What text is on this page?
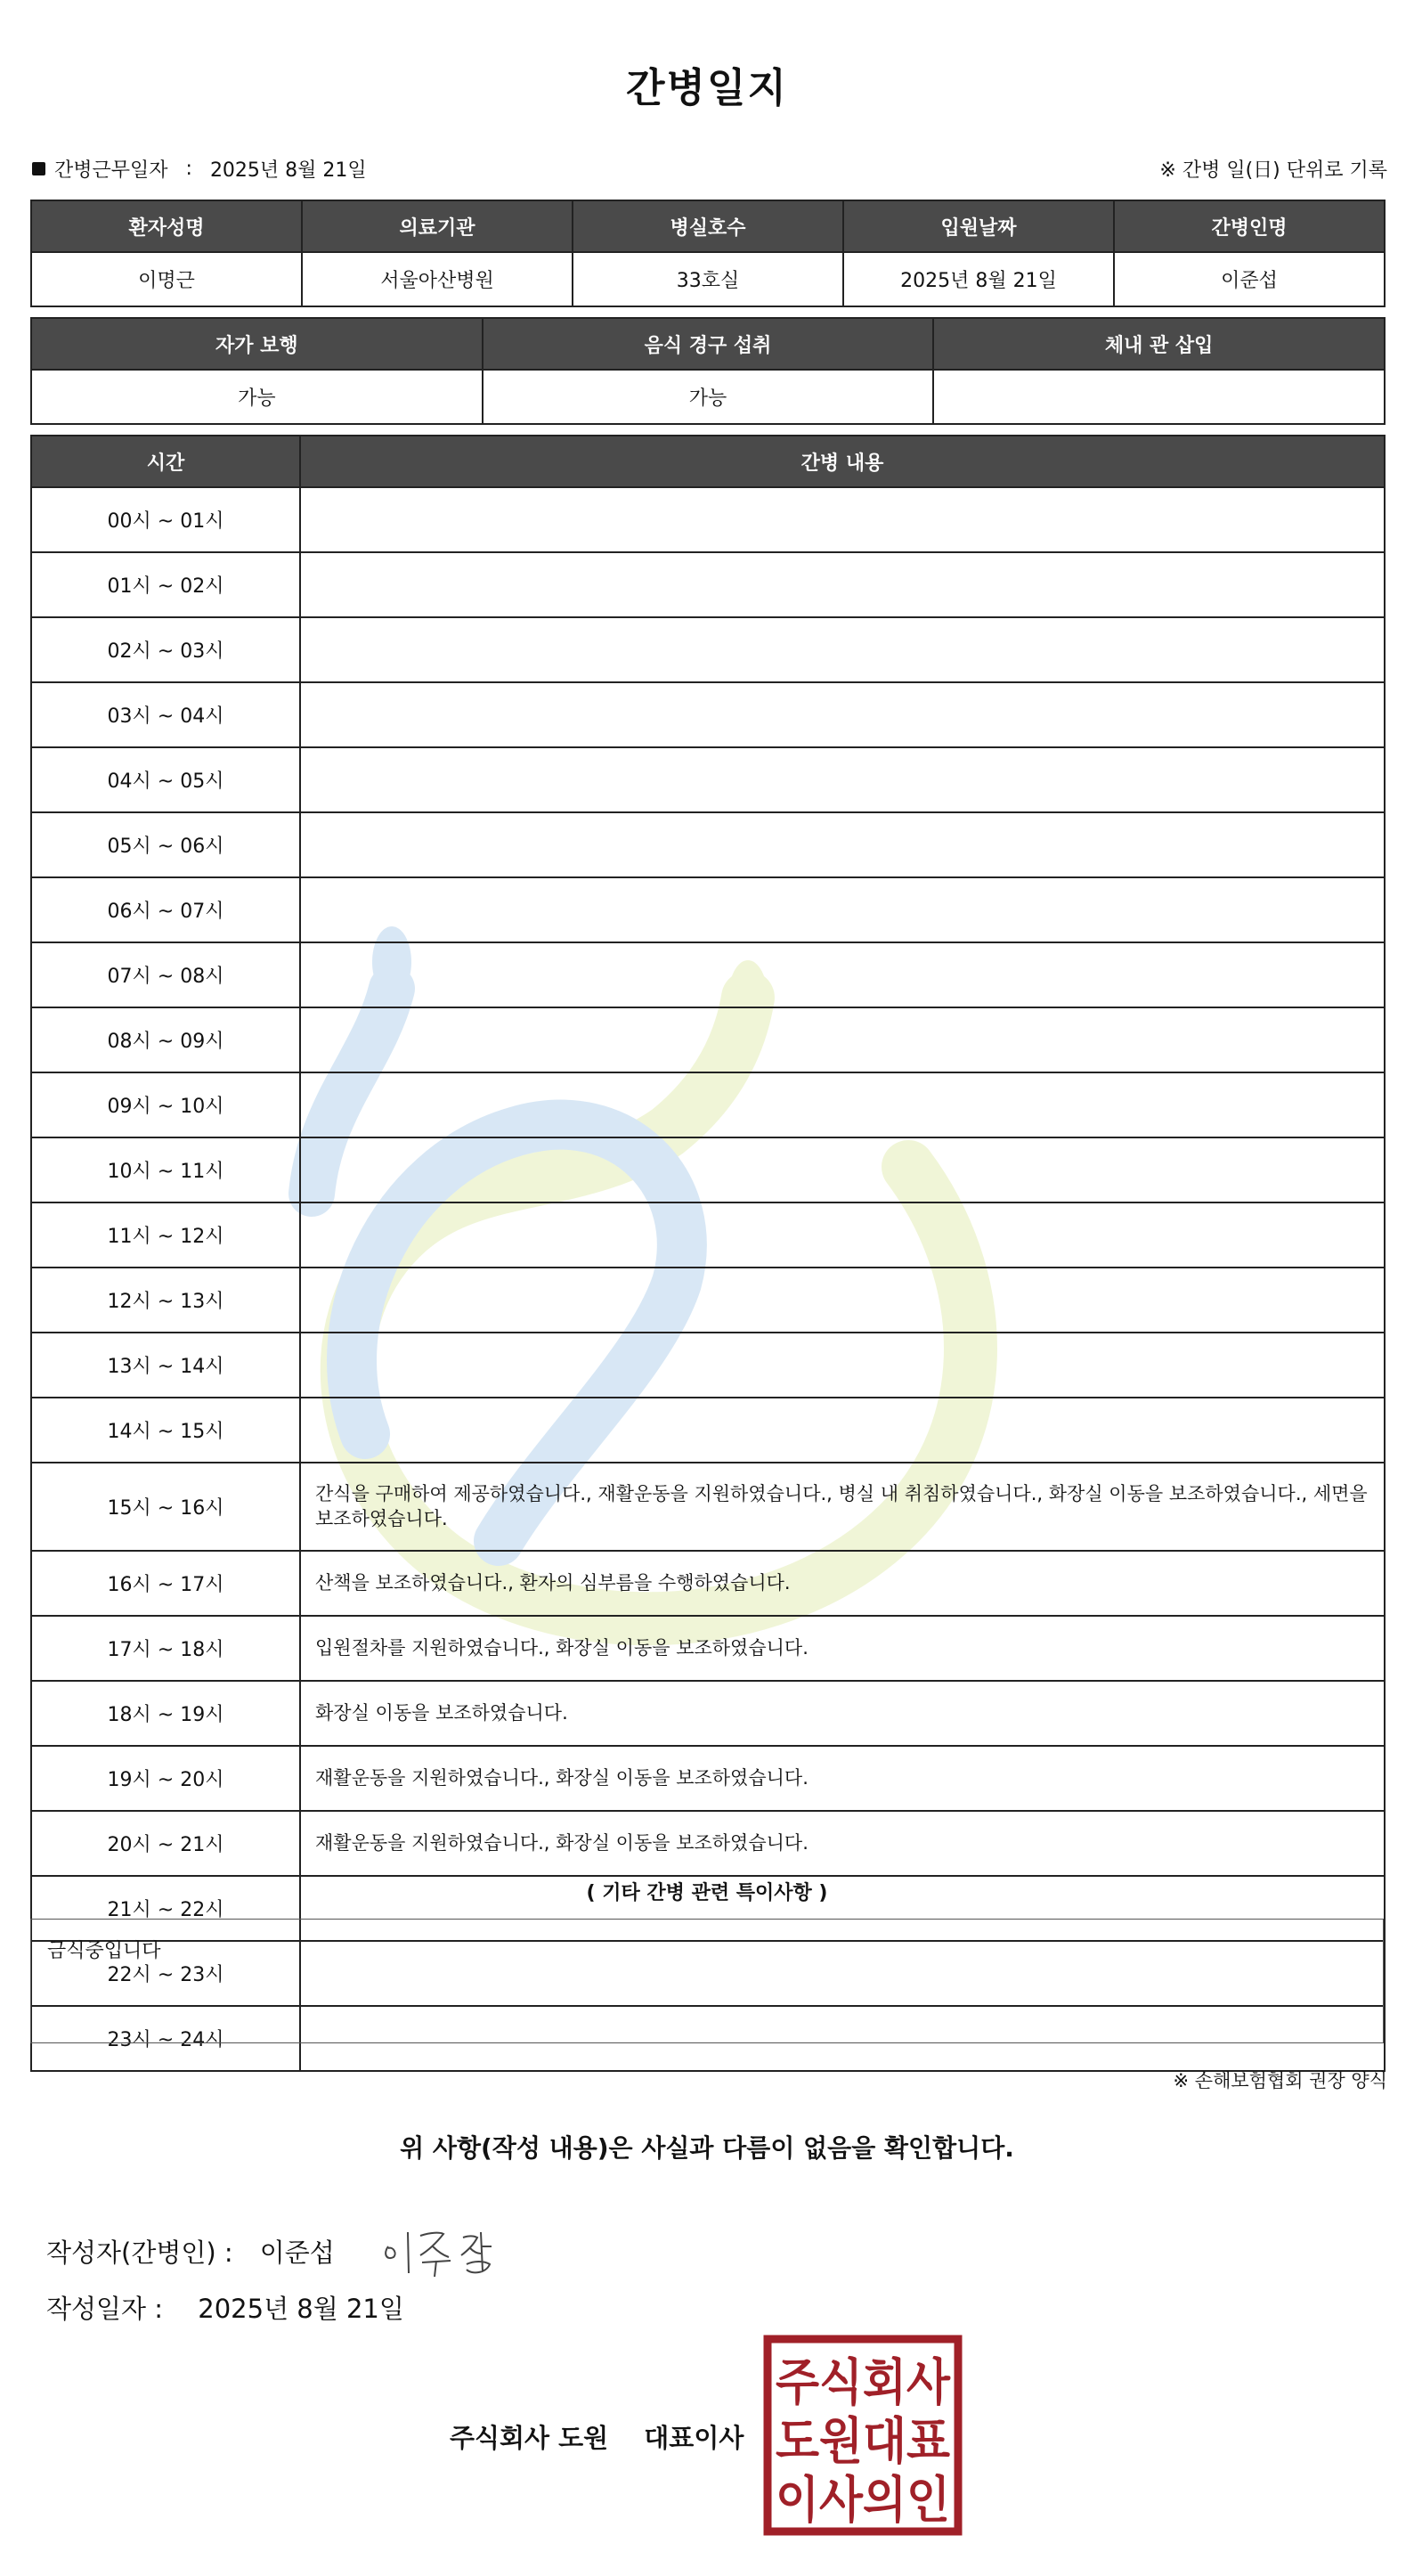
간병일지
간병근무일자 : 2025년 8월 21일	※ 간병 일(日) 단위로 기록
환자성명	의료기관	병실호수	입원날짜	간병인명
이명근	서울아산병원	33호실	2025년 8월 21일	이준섭
자가 보행	음식 경구 섭취	체내 관 삽입
가능	가능	
시간	간병 내용
00시 ~ 01시	
01시 ~ 02시	
02시 ~ 03시	
03시 ~ 04시	
04시 ~ 05시	
05시 ~ 06시	
06시 ~ 07시	
07시 ~ 08시	
08시 ~ 09시	
09시 ~ 10시	
10시 ~ 11시	
11시 ~ 12시	
12시 ~ 13시	
13시 ~ 14시	
14시 ~ 15시	
15시 ~ 16시	간식을 구매하여 제공하였습니다., 재활운동을 지원하였습니다., 병실 내 취침하였습니다., 화장실 이동을 보조하였습니다., 세면을 보조하였습니다.
16시 ~ 17시	산책을 보조하였습니다., 환자의 심부름을 수행하였습니다.
17시 ~ 18시	입원절차를 지원하였습니다., 화장실 이동을 보조하였습니다.
18시 ~ 19시	화장실 이동을 보조하였습니다.
19시 ~ 20시	재활운동을 지원하였습니다., 화장실 이동을 보조하였습니다.
20시 ~ 21시	재활운동을 지원하였습니다., 화장실 이동을 보조하였습니다.
21시 ~ 22시	
22시 ~ 23시	
23시 ~ 24시	
( 기타 간병 관련 특이사항 )
금식중입니다
※ 손해보험협회 권장 양식
위 사항(작성 내용)은 사실과 다름이 없음을 확인합니다.
작성자(간병인) : 이준섭
작성일자 : 2025년 8월 21일
주식회사 도원 대표이사
주식회사
도원대표
이사의인
